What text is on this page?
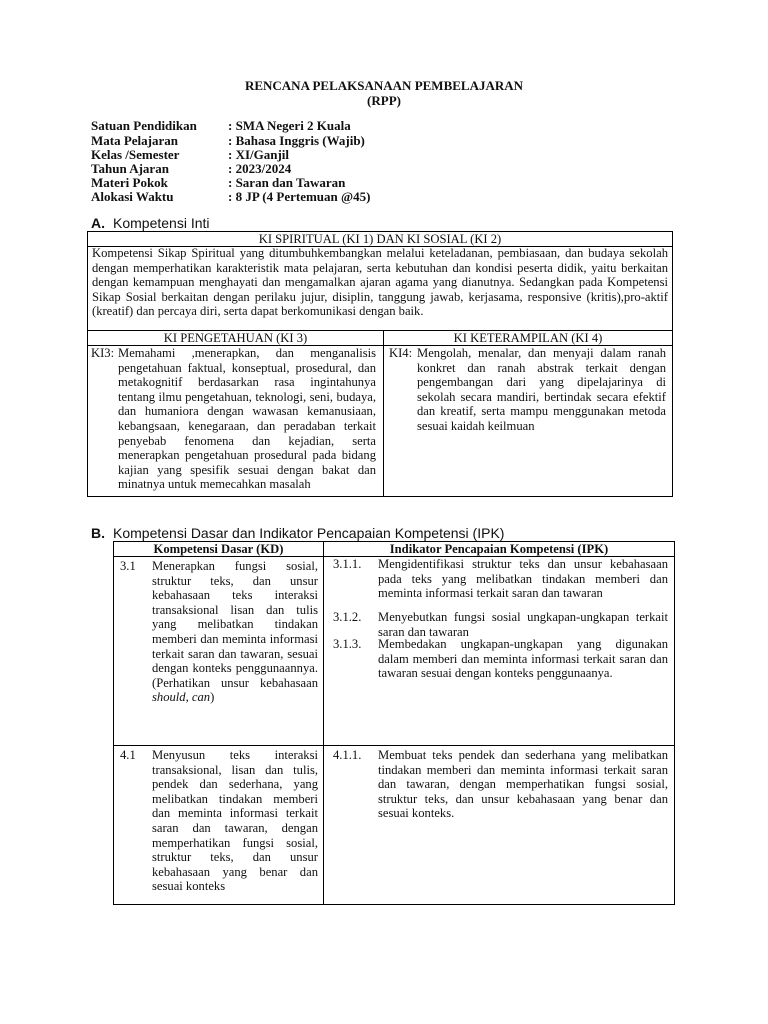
RENCANA PELAKSANAAN PEMBELAJARAN
(RPP)
Satuan Pendidikan : SMA Negeri 2 Kuala
Mata Pelajaran	: Bahasa Inggris (Wajib)
Kelas /Semester	: XI/Ganjil
Tahun Ajaran	: 2023/2024
Materi Pokok	: Saran dan Tawaran
Alokasi Waktu	: 8 JP (4 Pertemuan @45)
A. Kompetensi Inti
KI SPIRITUAL (KI 1) DAN KI SOSIAL (KI 2)
Kompetensi Sikap Spiritual yang ditumbuhkembangkan melalui keteladanan, pembiasaan, dan budaya sekolah dengan memperhatikan karakteristik mata pelajaran, serta kebutuhan dan kondisi peserta didik, yaitu berkaitan dengan kemampuan menghayati dan mengamalkan ajaran agama yang dianutnya. Sedangkan pada Kompetensi Sikap Sosial berkaitan dengan perilaku jujur, disiplin, tanggung jawab, kerjasama, responsive (kritis),pro-aktif (kreatif) dan percaya diri, serta dapat berkomunikasi dengan baik.
KI PENGETAHUAN (KI 3)	KI KETERAMPILAN (KI 4)
KI3: Memahami ,menerapkan, dan menganalisis pengetahuan faktual, konseptual, prosedural, dan metakognitif berdasarkan rasa ingintahunya tentang ilmu pengetahuan, teknologi, seni, budaya, dan humaniora dengan wawasan kemanusiaan, kebangsaan, kenegaraan, dan peradaban terkait penyebab fenomena dan kejadian, serta menerapkan pengetahuan prosedural pada bidang kajian yang spesifik sesuai dengan bakat dan minatnya untuk memecahkan masalah
KI4: Mengolah, menalar, dan menyaji dalam ranah konkret dan ranah abstrak terkait dengan pengembangan dari yang dipelajarinya di sekolah secara mandiri, bertindak secara efektif dan kreatif, serta mampu menggunakan metoda sesuai kaidah keilmuan
B. Kompetensi Dasar dan Indikator Pencapaian Kompetensi (IPK)
Kompetensi Dasar (KD)	Indikator Pencapaian Kompetensi (IPK)
3.1 Menerapkan fungsi sosial, struktur teks, dan unsur kebahasaan teks interaksi transaksional lisan dan tulis yang melibatkan tindakan memberi dan meminta informasi terkait saran dan tawaran, sesuai dengan konteks penggunaannya. (Perhatikan unsur kebahasaan should, can)
3.1.1. Mengidentifikasi struktur teks dan unsur kebahasaan pada teks yang melibatkan tindakan memberi dan meminta informasi terkait saran dan tawaran
3.1.2. Menyebutkan fungsi sosial ungkapan-ungkapan terkait saran dan tawaran
3.1.3. Membedakan ungkapan-ungkapan yang digunakan dalam memberi dan meminta informasi terkait saran dan tawaran sesuai dengan konteks penggunaanya.
4.1 Menyusun teks interaksi transaksional, lisan dan tulis, pendek dan sederhana, yang melibatkan tindakan memberi dan meminta informasi terkait saran dan tawaran, dengan memperhatikan fungsi sosial, struktur teks, dan unsur kebahasaan yang benar dan sesuai konteks
4.1.1. Membuat teks pendek dan sederhana yang melibatkan tindakan memberi dan meminta informasi terkait saran dan tawaran, dengan memperhatikan fungsi sosial, struktur teks, dan unsur kebahasaan yang benar dan sesuai konteks.
